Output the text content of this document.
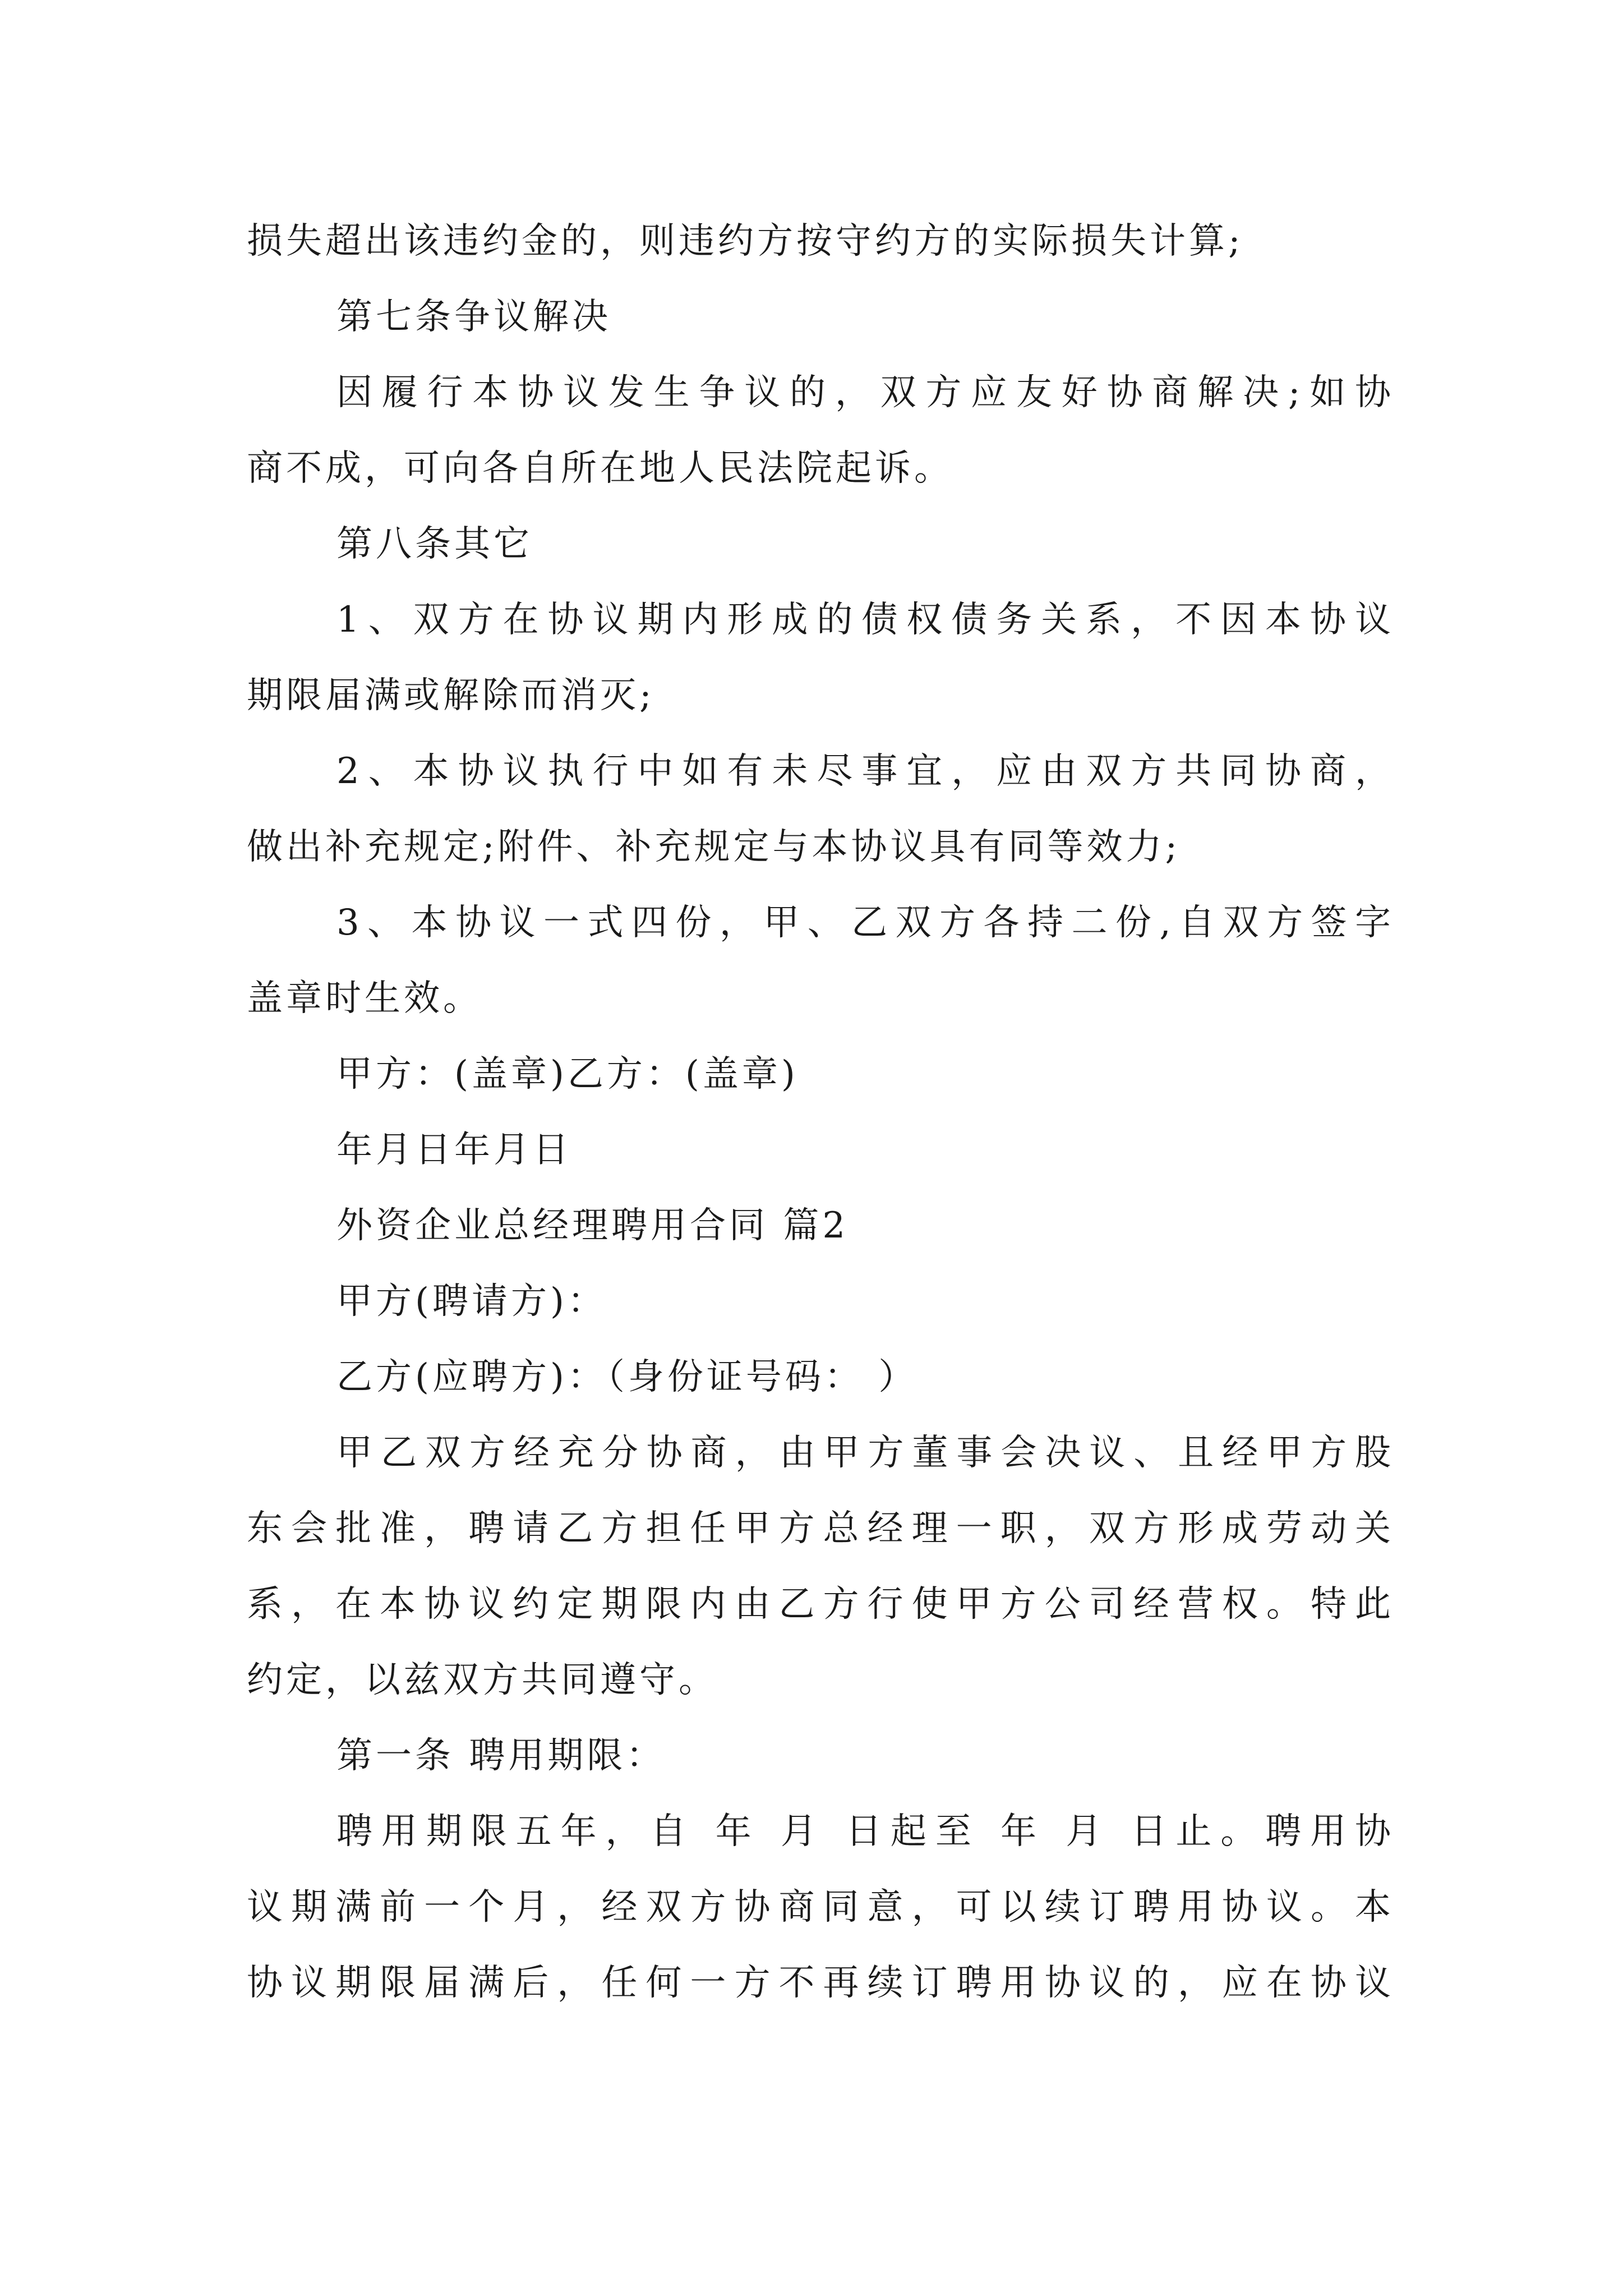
损失超出该违约金的，则违约方按守约方的实际损失计算;
第七条争议解决
因履行本协议发生争议的，双方应友好协商解决;如协
商不成，可向各自所在地人民法院起诉。
第八条其它
1、双方在协议期内形成的债权债务关系，不因本协议
期限届满或解除而消灭;
2、本协议执行中如有未尽事宜，应由双方共同协商，
做出补充规定;附件、补充规定与本协议具有同等效力;
3、本协议一式四份，甲、乙双方各持二份,自双方签字
盖章时生效。
甲方：(盖章)乙方：(盖章)
年月日年月日
外资企业总经理聘用合同 篇2
甲方(聘请方)：
乙方(应聘方)：（身份证号码： ）
甲乙双方经充分协商，由甲方董事会决议、且经甲方股
东会批准，聘请乙方担任甲方总经理一职，双方形成劳动关
系，在本协议约定期限内由乙方行使甲方公司经营权。特此
约定，以兹双方共同遵守。
第一条 聘用期限：
聘用期限五年，自 年 月 日起至 年 月 日止。聘用协
议期满前一个月，经双方协商同意，可以续订聘用协议。本
协议期限届满后，任何一方不再续订聘用协议的，应在协议
